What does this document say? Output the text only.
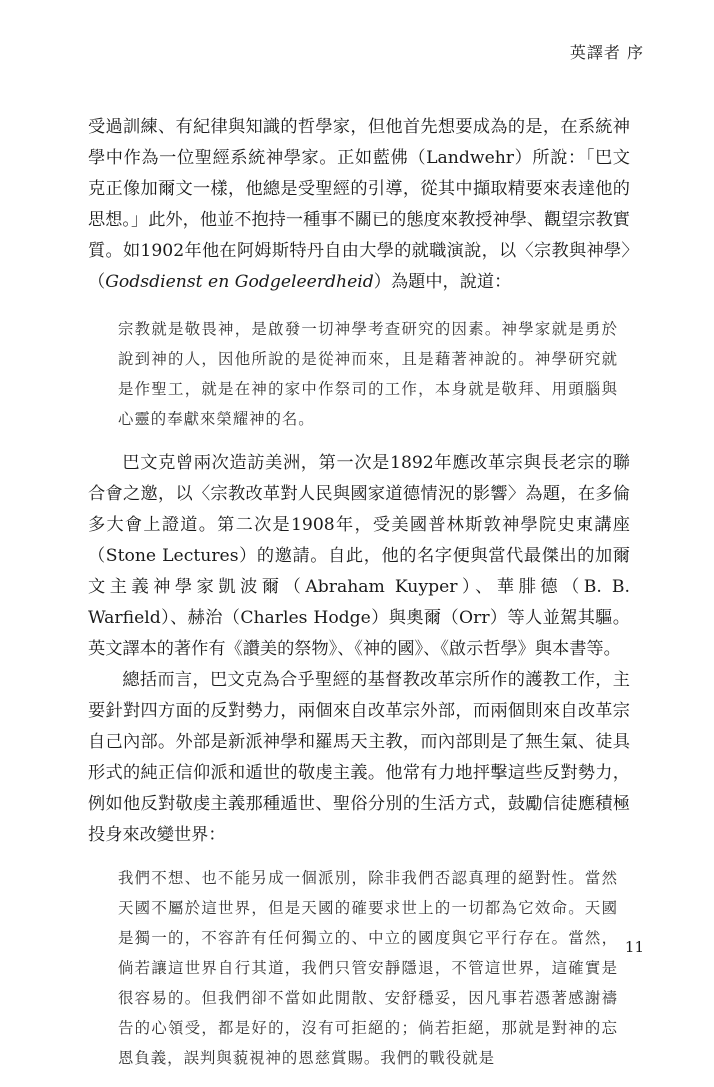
英譯者 序

受過訓練、有紀律與知識的哲學家，但他首先想要成為的是，在系統神學中作為一位聖經系統神學家。正如藍佛（Landwehr）所說：「巴文克正像加爾文一樣，他總是受聖經的引導，從其中擷取精要來表達他的思想。」此外，他並不抱持一種事不關已的態度來教授神學、觀望宗教實質。如1902年他在阿姆斯特丹自由大學的就職演說，以〈宗教與神學〉（Godsdienst en Godgeleerdheid）為題中，說道：

宗教就是敬畏神，是啟發一切神學考查研究的因素。神學家就是勇於說到神的人，因他所說的是從神而來，且是藉著神說的。神學研究就是作聖工，就是在神的家中作祭司的工作，本身就是敬拜、用頭腦與心靈的奉獻來榮耀神的名。

巴文克曾兩次造訪美洲，第一次是1892年應改革宗與長老宗的聯合會之邀，以〈宗教改革對人民與國家道德情況的影響〉為題，在多倫多大會上證道。第二次是1908年，受美國普林斯敦神學院史東講座（Stone Lectures）的邀請。自此，他的名字便與當代最傑出的加爾文主義神學家凱波爾（Abraham Kuyper）、華腓德（B. B. Warfield）、赫治（Charles Hodge）與奧爾（Orr）等人並駕其驅。英文譯本的著作有《讚美的祭物》、《神的國》、《啟示哲學》與本書等。

總括而言，巴文克為合乎聖經的基督教改革宗所作的護教工作，主要針對四方面的反對勢力，兩個來自改革宗外部，而兩個則來自改革宗自己內部。外部是新派神學和羅馬天主教，而內部則是了無生氣、徒具形式的純正信仰派和遁世的敬虔主義。他常有力地抨擊這些反對勢力，例如他反對敬虔主義那種遁世、聖俗分別的生活方式，鼓勵信徒應積極投身來改變世界：

我們不想、也不能另成一個派別，除非我們否認真理的絕對性。當然天國不屬於這世界，但是天國的確要求世上的一切都為它效命。天國是獨一的，不容許有任何獨立的、中立的國度與它平行存在。當然，倘若讓這世界自行其道，我們只管安靜隱退，不管這世界，這確實是很容易的。但我們卻不當如此閒散、安舒穩妥，因凡事若憑著感謝禱告的心領受，都是好的，沒有可拒絕的；倘若拒絕，那就是對神的忘恩負義，誤判與藐視神的恩慈賞賜。我們的戰役就是
11
